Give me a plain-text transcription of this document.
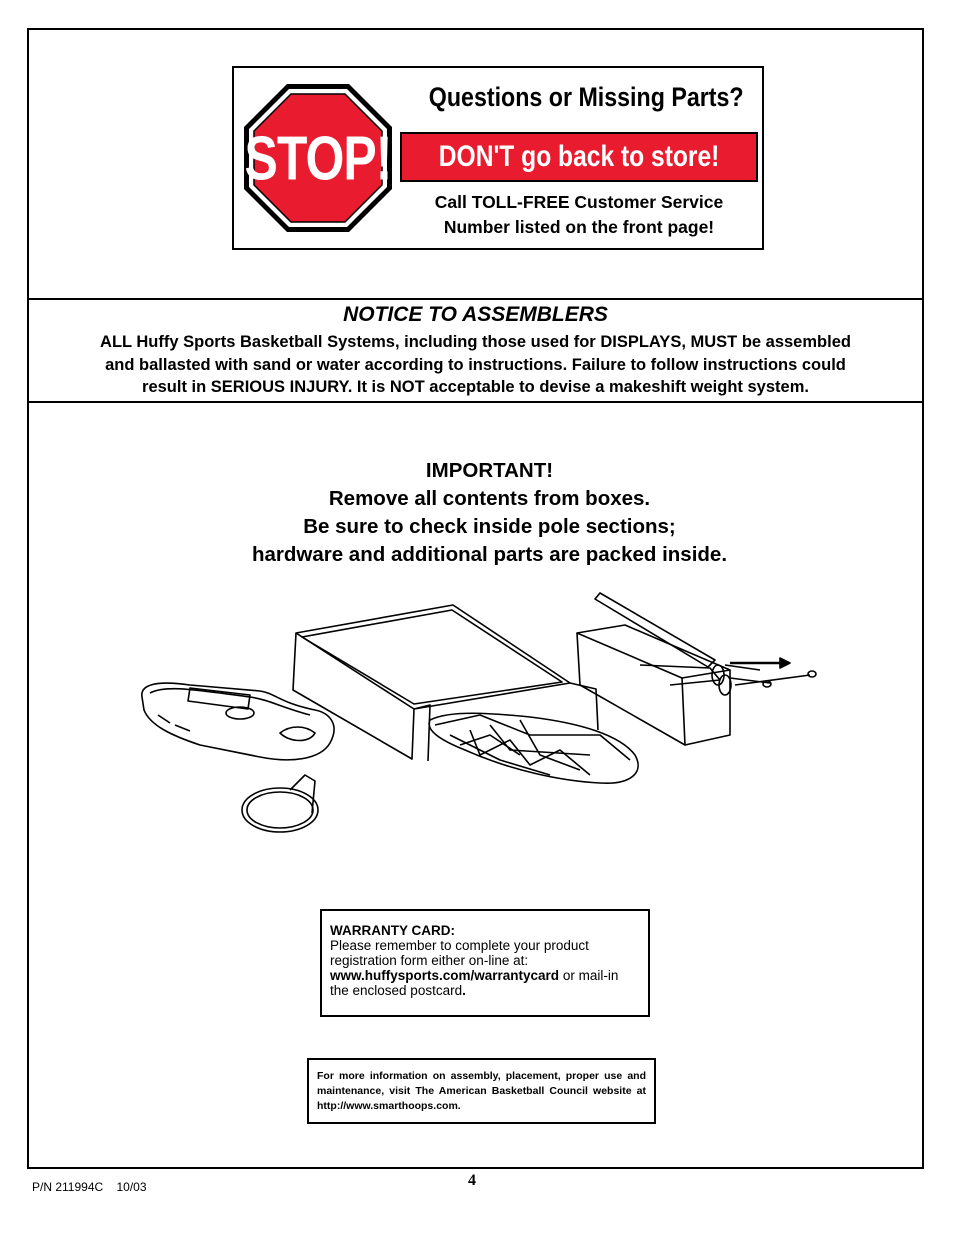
STOP!
Questions or Missing Parts?
DON'T go back to store!
Call TOLL-FREE Customer Service
Number listed on the front page!
NOTICE TO ASSEMBLERS
ALL Huffy Sports Basketball Systems, including those used for DISPLAYS, MUST be assembled
and ballasted with sand or water according to instructions. Failure to follow instructions could
result in SERIOUS INJURY. It is NOT acceptable to devise a makeshift weight system.
IMPORTANT!
Remove all contents from boxes.
Be sure to check inside pole sections;
hardware and additional parts are packed inside.
WARRANTY CARD:
Please remember to complete your product registration form either on-line at:
www.huffysports.com/warrantycard or mail-in the enclosed postcard.
For more information on assembly, placement, proper use and maintenance, visit The American Basketball Council website at http://www.smarthoops.com.
P/N 211994C    10/03	4
